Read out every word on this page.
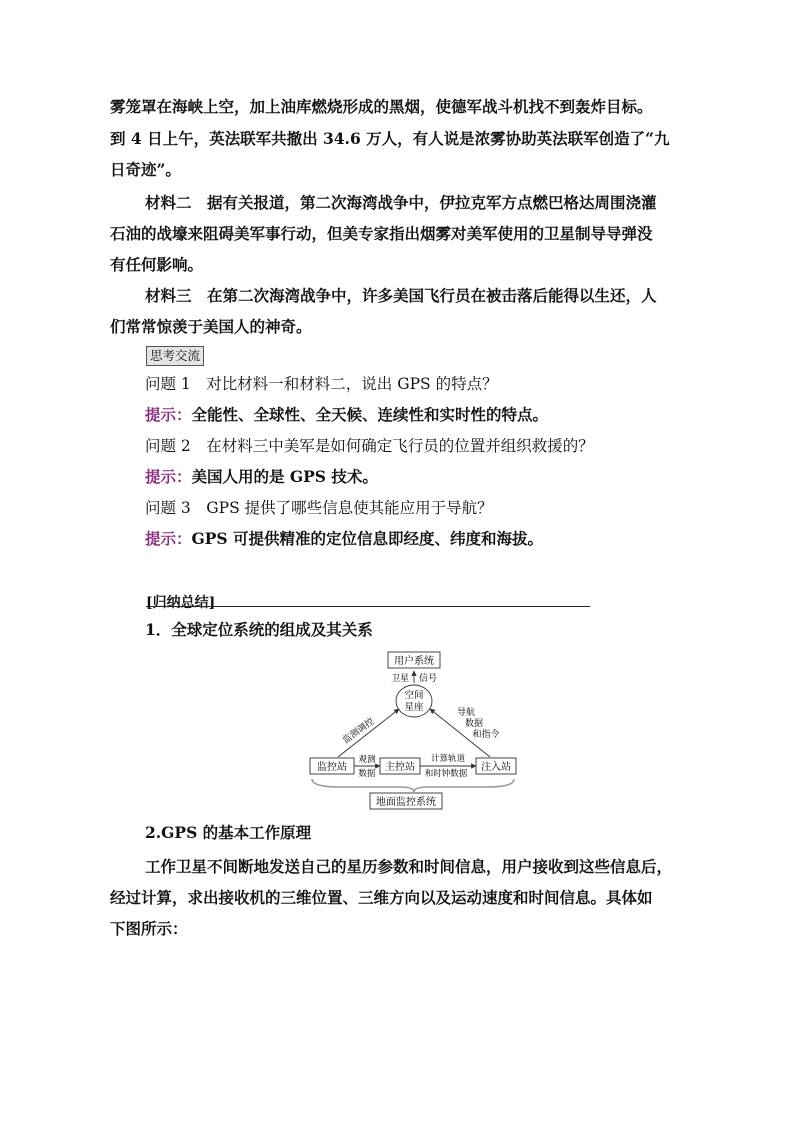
雾笼罩在海峡上空，加上油库燃烧形成的黑烟，使德军战斗机找不到轰炸目标。
到 4 日上午，英法联军共撤出 34.6 万人，有人说是浓雾协助英法联军创造了“九
日奇迹”。
材料二　据有关报道，第二次海湾战争中，伊拉克军方点燃巴格达周围浇灌
石油的战壕来阻碍美军事行动，但美专家指出烟雾对美军使用的卫星制导导弹没
有任何影响。
材料三　在第二次海湾战争中，许多美国飞行员在被击落后能得以生还，人
们常常惊羡于美国人的神奇。
思考交流
问题 1　对比材料一和材料二，说出 GPS 的特点？
提示：全能性、全球性、全天候、连续性和实时性的特点。
问题 2　在材料三中美军是如何确定飞行员的位置并组织救援的？
提示：美国人用的是 GPS 技术。
问题 3　GPS 提供了哪些信息使其能应用于导航？
提示：GPS 可提供精准的定位信息即经度、纬度和海拔。
[归纳总结]
1．全球定位系统的组成及其关系
用户系统
卫星 信号
空间
星座
监测调控
导航
数据
和指令
监控站	主控站	注入站
观测
数据
计算轨道
和时钟数据
地面监控系统
2.GPS 的基本工作原理
工作卫星不间断地发送自己的星历参数和时间信息，用户接收到这些信息后，
经过计算，求出接收机的三维位置、三维方向以及运动速度和时间信息。具体如
下图所示：
